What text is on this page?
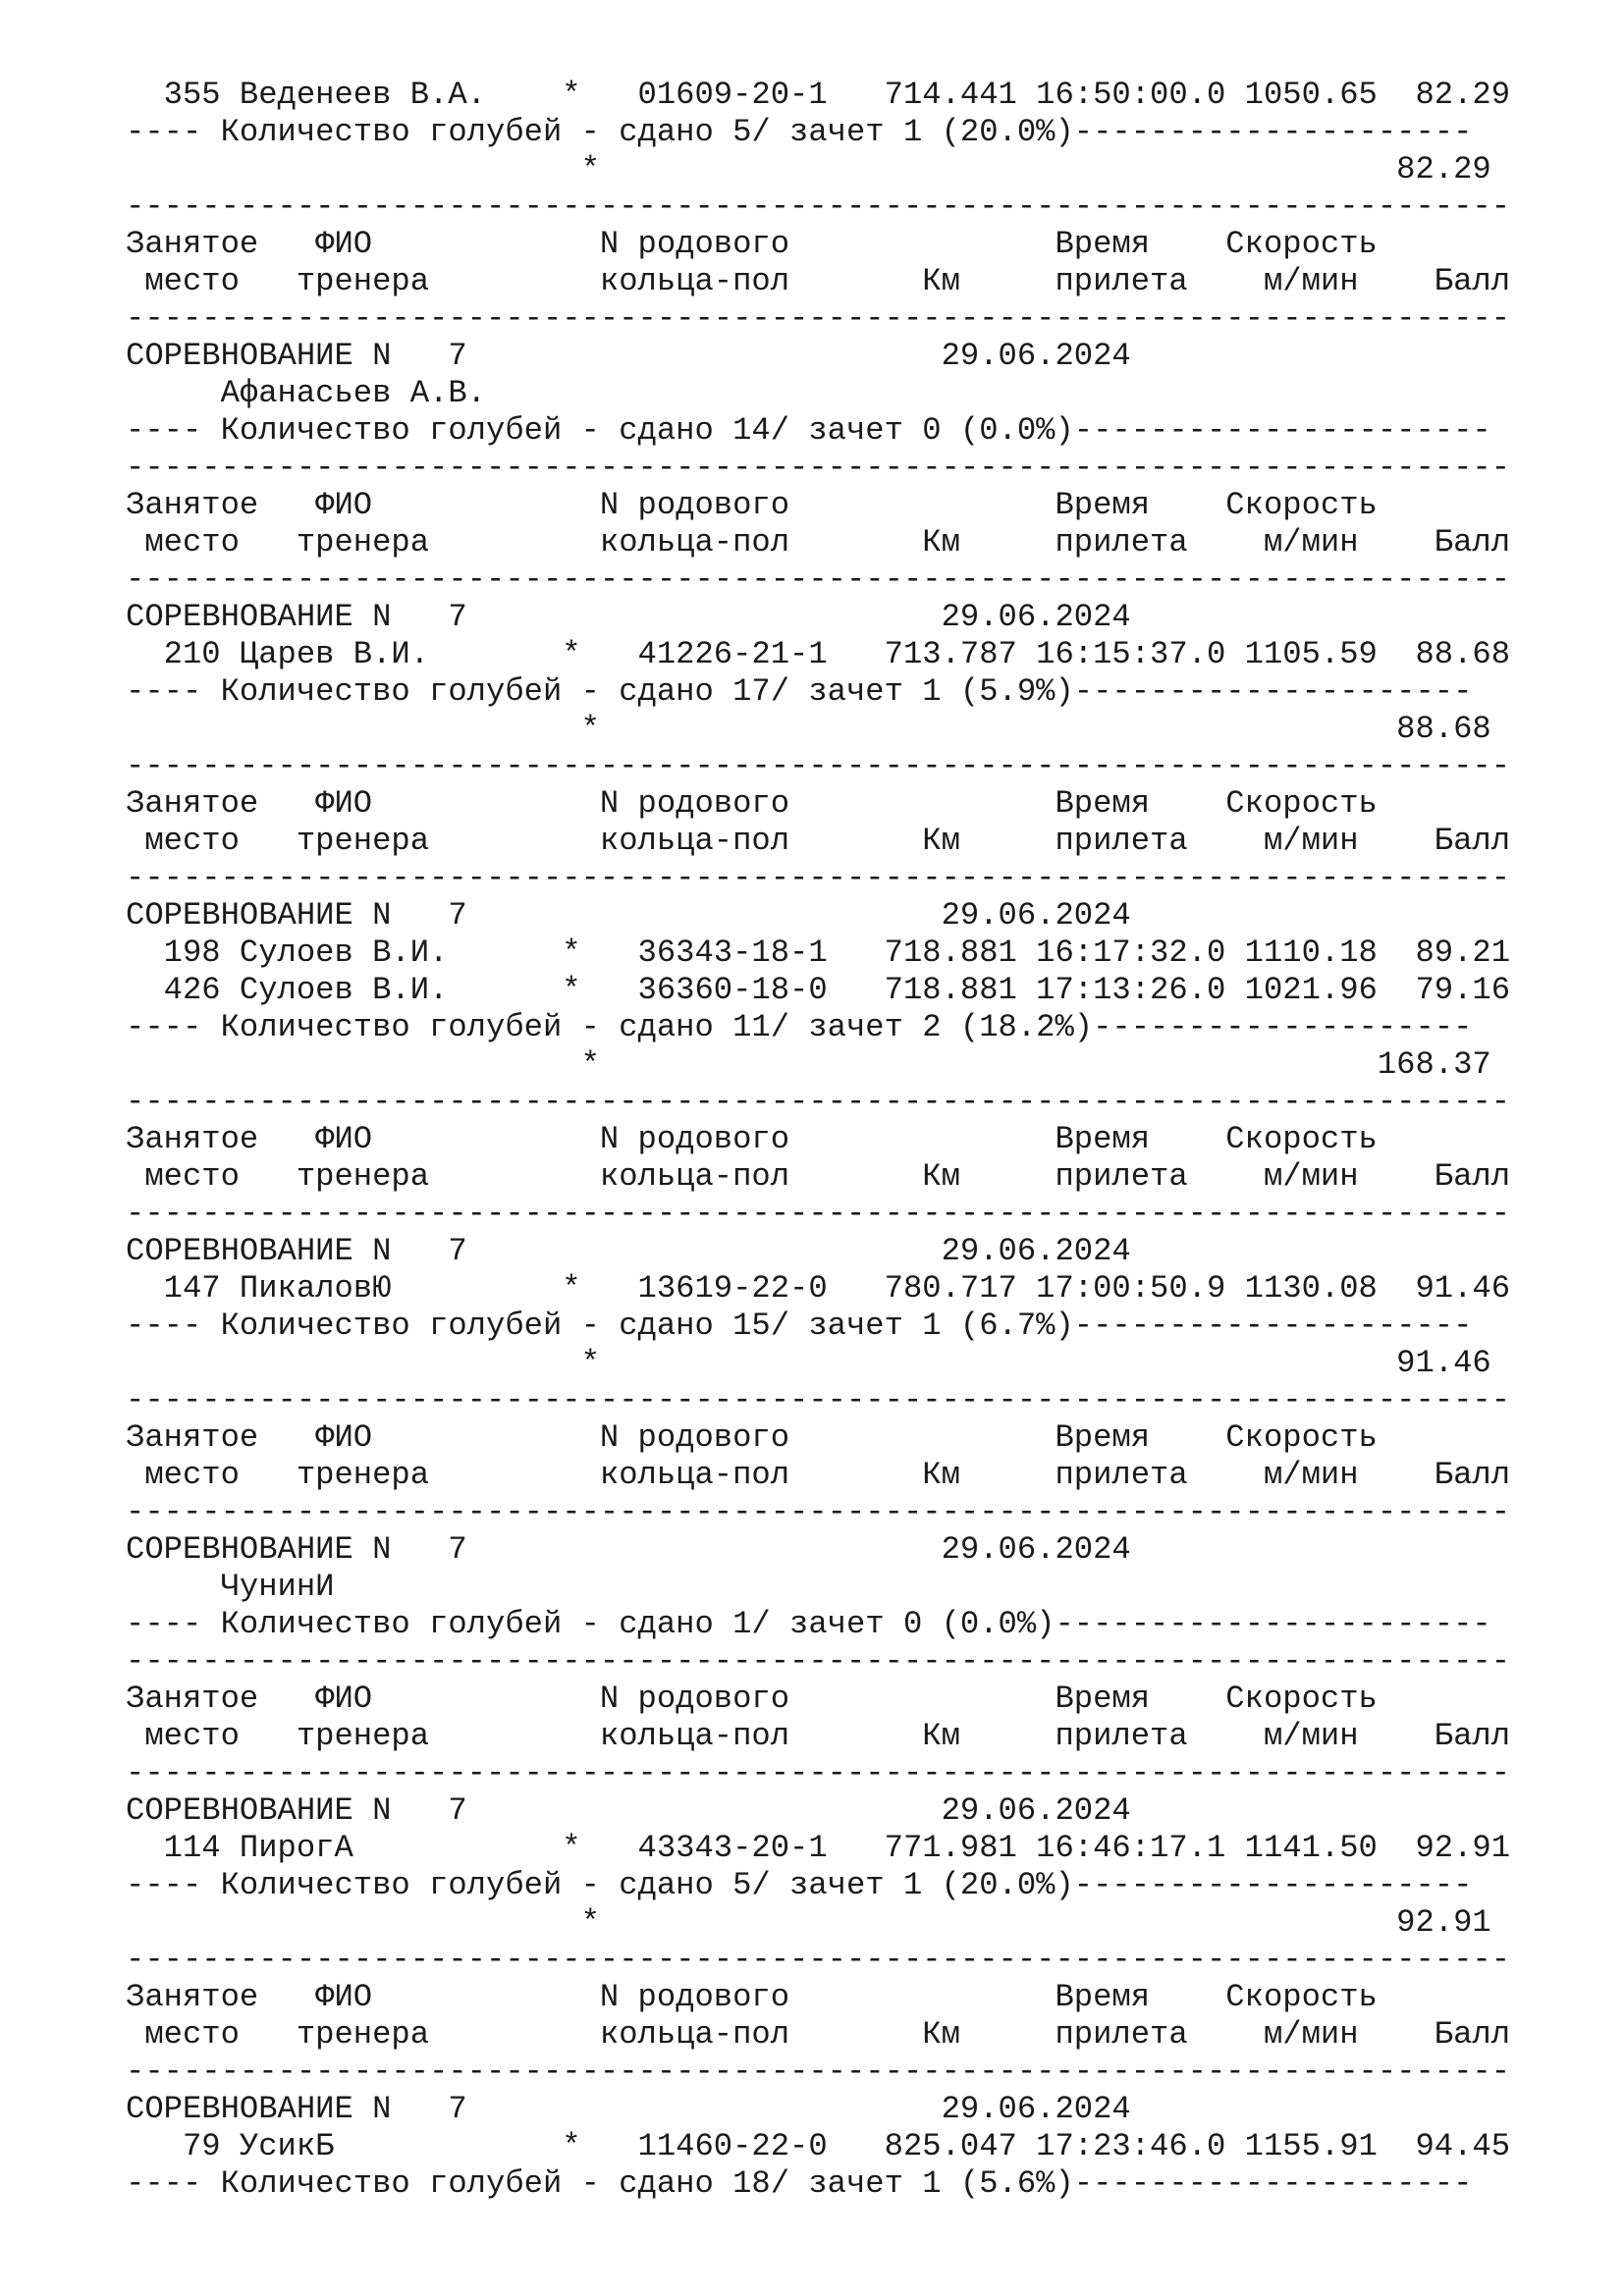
355 Веденеев В.А.    *   01609-20-1   714.441 16:50:00.0 1050.65  82.29
---- Количество голубей - сдано 5/ зачет 1 (20.0%)---------------------
*                                          82.29
-------------------------------------------------------------------------
Занятое   ФИО            N родового              Время    Скорость
место   тренера         кольца-пол       Км     прилета    м/мин    Балл
-------------------------------------------------------------------------
СОРЕВНОВАНИЕ N   7                         29.06.2024
Афанасьев А.В.
---- Количество голубей - сдано 14/ зачет 0 (0.0%)----------------------
-------------------------------------------------------------------------
Занятое   ФИО            N родового              Время    Скорость
место   тренера         кольца-пол       Км     прилета    м/мин    Балл
-------------------------------------------------------------------------
СОРЕВНОВАНИЕ N   7                         29.06.2024
210 Царев В.И.       *   41226-21-1   713.787 16:15:37.0 1105.59  88.68
---- Количество голубей - сдано 17/ зачет 1 (5.9%)---------------------
*                                          88.68
-------------------------------------------------------------------------
Занятое   ФИО            N родового              Время    Скорость
место   тренера         кольца-пол       Км     прилета    м/мин    Балл
-------------------------------------------------------------------------
СОРЕВНОВАНИЕ N   7                         29.06.2024
198 Сулоев В.И.      *   36343-18-1   718.881 16:17:32.0 1110.18  89.21
426 Сулоев В.И.      *   36360-18-0   718.881 17:13:26.0 1021.96  79.16
---- Количество голубей - сдано 11/ зачет 2 (18.2%)--------------------
*                                         168.37
-------------------------------------------------------------------------
Занятое   ФИО            N родового              Время    Скорость
место   тренера         кольца-пол       Км     прилета    м/мин    Балл
-------------------------------------------------------------------------
СОРЕВНОВАНИЕ N   7                         29.06.2024
147 ПикаловЮ         *   13619-22-0   780.717 17:00:50.9 1130.08  91.46
---- Количество голубей - сдано 15/ зачет 1 (6.7%)---------------------
*                                          91.46
-------------------------------------------------------------------------
Занятое   ФИО            N родового              Время    Скорость
место   тренера         кольца-пол       Км     прилета    м/мин    Балл
-------------------------------------------------------------------------
СОРЕВНОВАНИЕ N   7                         29.06.2024
ЧунинИ
---- Количество голубей - сдано 1/ зачет 0 (0.0%)-----------------------
-------------------------------------------------------------------------
Занятое   ФИО            N родового              Время    Скорость
место   тренера         кольца-пол       Км     прилета    м/мин    Балл
-------------------------------------------------------------------------
СОРЕВНОВАНИЕ N   7                         29.06.2024
114 ПирогА           *   43343-20-1   771.981 16:46:17.1 1141.50  92.91
---- Количество голубей - сдано 5/ зачет 1 (20.0%)---------------------
*                                          92.91
-------------------------------------------------------------------------
Занятое   ФИО            N родового              Время    Скорость
место   тренера         кольца-пол       Км     прилета    м/мин    Балл
-------------------------------------------------------------------------
СОРЕВНОВАНИЕ N   7                         29.06.2024
79 УсикБ            *   11460-22-0   825.047 17:23:46.0 1155.91  94.45
---- Количество голубей - сдано 18/ зачет 1 (5.6%)---------------------
